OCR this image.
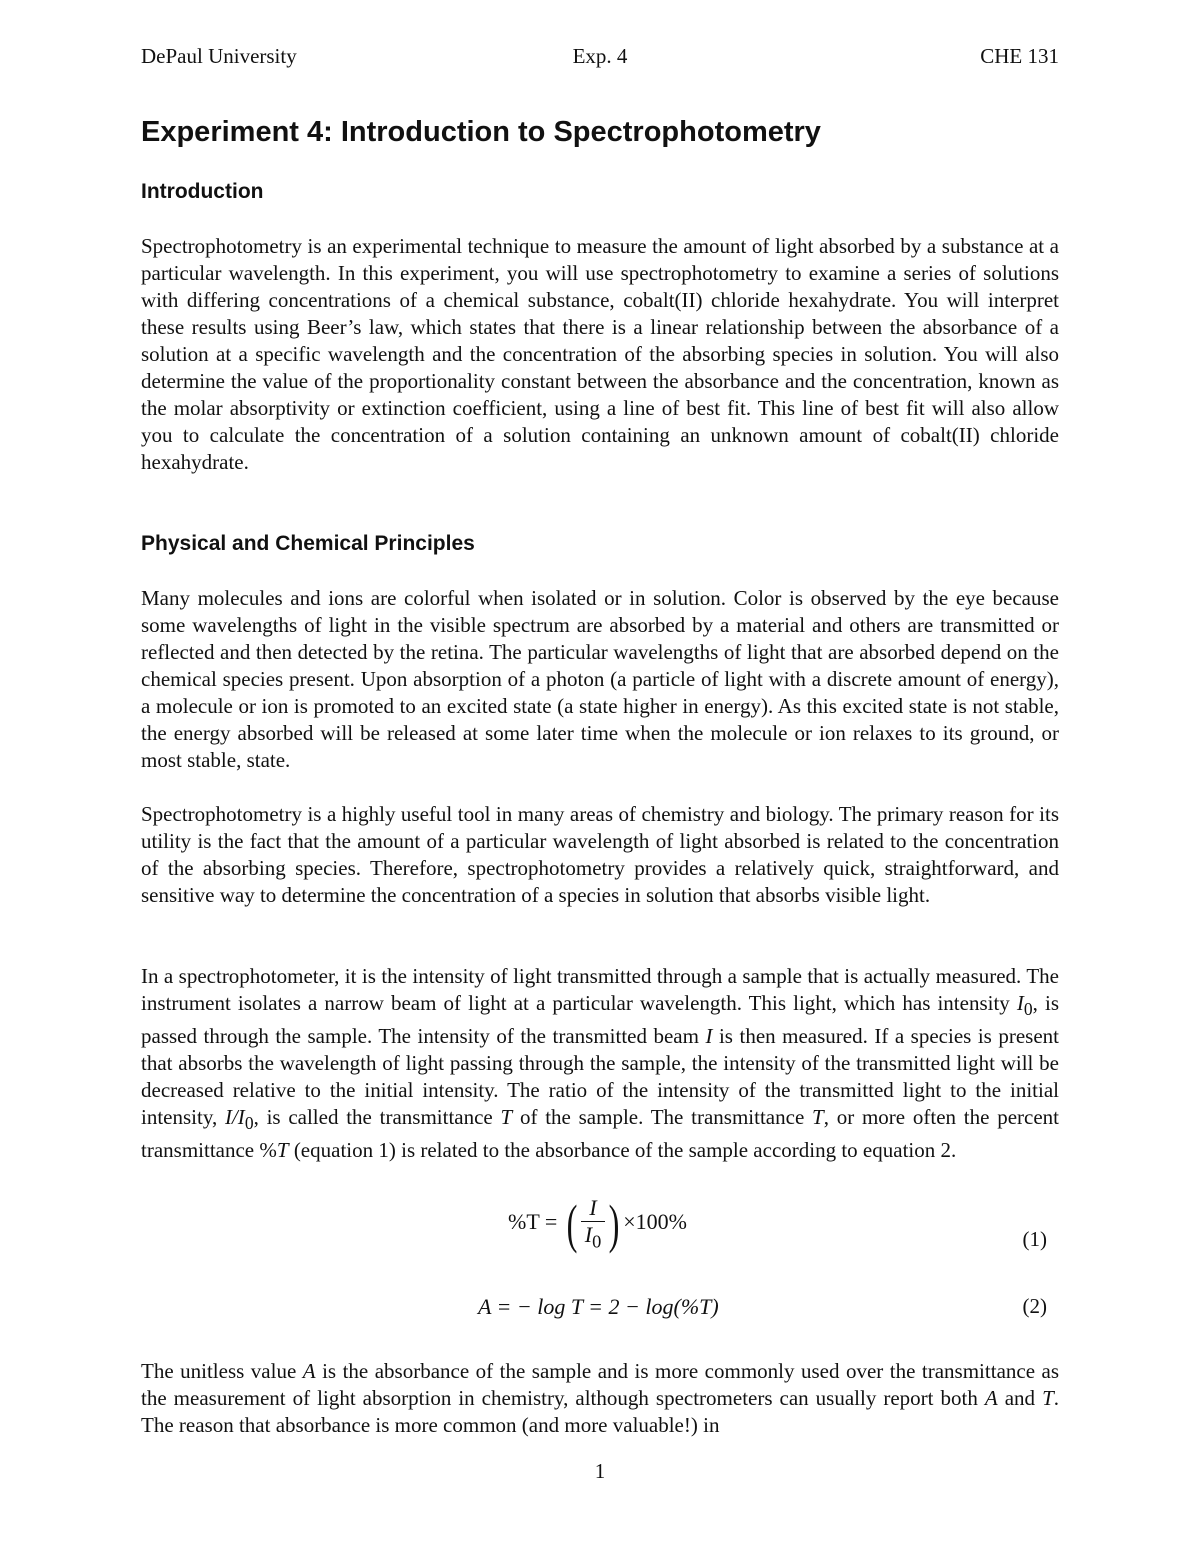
DePaul University	Exp. 4	CHE 131
Experiment 4: Introduction to Spectrophotometry
Introduction

Spectrophotometry is an experimental technique to measure the amount of light absorbed by a substance at a particular wavelength. In this experiment, you will use spectrophotometry to examine a series of solutions with differing concentrations of a chemical substance, cobalt(II) chloride hexahydrate. You will interpret these results using Beer’s law, which states that there is a linear relationship between the absorbance of a solution at a specific wavelength and the concentration of the absorbing species in solution. You will also determine the value of the proportionality constant between the absorbance and the concentration, known as the molar absorptivity or extinction coefficient, using a line of best fit. This line of best fit will also allow you to calculate the concentration of a solution containing an unknown amount of cobalt(II) chloride hexahydrate.

Physical and Chemical Principles

Many molecules and ions are colorful when isolated or in solution. Color is observed by the eye because some wavelengths of light in the visible spectrum are absorbed by a material and others are transmitted or reflected and then detected by the retina. The particular wavelengths of light that are absorbed depend on the chemical species present. Upon absorption of a photon (a particle of light with a discrete amount of energy), a molecule or ion is promoted to an excited state (a state higher in energy). As this excited state is not stable, the energy absorbed will be released at some later time when the molecule or ion relaxes to its ground, or most stable, state.

Spectrophotometry is a highly useful tool in many areas of chemistry and biology. The primary reason for its utility is the fact that the amount of a particular wavelength of light absorbed is related to the concentration of the absorbing species. Therefore, spectrophotometry provides a relatively quick, straightforward, and sensitive way to determine the concentration of a species in solution that absorbs visible light.

In a spectrophotometer, it is the intensity of light transmitted through a sample that is actually measured. The instrument isolates a narrow beam of light at a particular wavelength. This light, which has intensity $I_0$, is passed through the sample. The intensity of the transmitted beam I is then measured. If a species is present that absorbs the wavelength of light passing through the sample, the intensity of the transmitted light will be decreased relative to the initial intensity. The ratio of the intensity of the transmitted light to the initial intensity, $I/I_0$, is called the transmittance T of the sample. The transmittance T, or more often the percent transmittance %T (equation 1) is related to the absorbance of the sample according to equation 2.

%T = ( $\frac{I}{I_0}$ ) ×100%
(1)
A = − log T = 2 − log(%T)	(2)

The unitless value A is the absorbance of the sample and is more commonly used over the transmittance as the measurement of light absorption in chemistry, although spectrometers can usually report both A and T. The reason that absorbance is more common (and more valuable!) in

1
